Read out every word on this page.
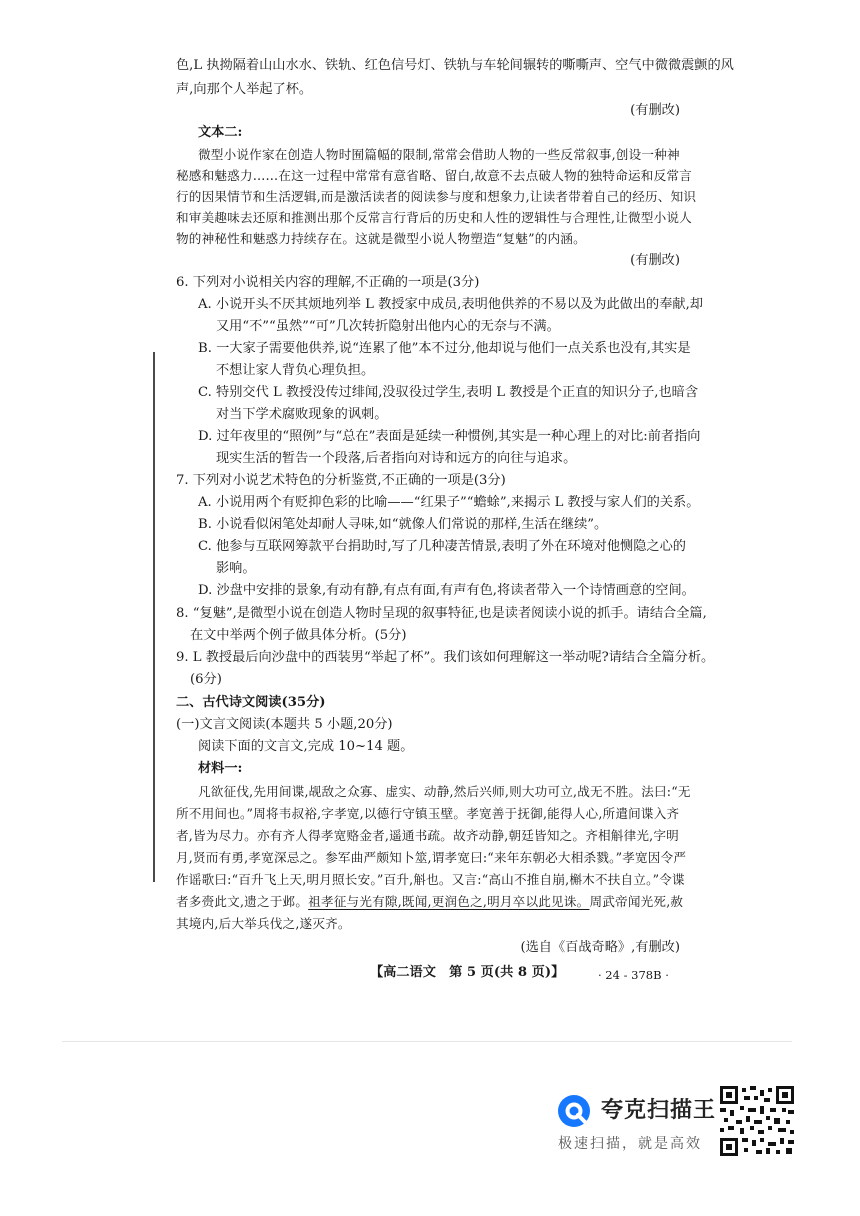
色,L 执拗隔着山山水水、铁轨、红色信号灯、铁轨与车轮间辗转的嘶嘶声、空气中微微震颤的风
声,向那个人举起了杯。
(有删改)
文本二:
微型小说作家在创造人物时囿篇幅的限制,常常会借助人物的一些反常叙事,创设一种神
秘感和魅惑力……在这一过程中常常有意省略、留白,故意不去点破人物的独特命运和反常言
行的因果情节和生活逻辑,而是激活读者的阅读参与度和想象力,让读者带着自己的经历、知识
和审美趣味去还原和推测出那个反常言行背后的历史和人性的逻辑性与合理性,让微型小说人
物的神秘性和魅惑力持续存在。这就是微型小说人物塑造“复魅”的内涵。
(有删改)
6. 下列对小说相关内容的理解,不正确的一项是(3分)
A. 小说开头不厌其烦地列举 L 教授家中成员,表明他供养的不易以及为此做出的奉献,却
又用“不”“虽然”“可”几次转折隐射出他内心的无奈与不满。
B. 一大家子需要他供养,说“连累了他”本不过分,他却说与他们一点关系也没有,其实是
不想让家人背负心理负担。
C. 特别交代 L 教授没传过绯闻,没驭役过学生,表明 L 教授是个正直的知识分子,也暗含
对当下学术腐败现象的讽刺。
D. 过年夜里的“照例”与“总在”表面是延续一种惯例,其实是一种心理上的对比:前者指向
现实生活的暂告一个段落,后者指向对诗和远方的向往与追求。
7. 下列对小说艺术特色的分析鉴赏,不正确的一项是(3分)
A. 小说用两个有贬抑色彩的比喻——“红果子”“蟾蜍”,来揭示 L 教授与家人们的关系。
B. 小说看似闲笔处却耐人寻味,如“就像人们常说的那样,生活在继续”。
C. 他参与互联网筹款平台捐助时,写了几种凄苦情景,表明了外在环境对他恻隐之心的
影响。
D. 沙盘中安排的景象,有动有静,有点有面,有声有色,将读者带入一个诗情画意的空间。
8. “复魅”,是微型小说在创造人物时呈现的叙事特征,也是读者阅读小说的抓手。请结合全篇,
在文中举两个例子做具体分析。(5分)
9. L 教授最后向沙盘中的西装男“举起了杯”。我们该如何理解这一举动呢?请结合全篇分析。
(6分)
二、古代诗文阅读(35分)
(一)文言文阅读(本题共 5 小题,20分)
阅读下面的文言文,完成 10~14 题。
材料一:
凡欲征伐,先用间谍,觇敌之众寡、虚实、动静,然后兴师,则大功可立,战无不胜。法曰:“无
所不用间也。”周将韦叔裕,字孝宽,以德行守镇玉壁。孝宽善于抚御,能得人心,所遣间谍入齐
者,皆为尽力。亦有齐人得孝宽赂金者,遥通书疏。故齐动静,朝廷皆知之。齐相斛律光,字明
月,贤而有勇,孝宽深忌之。参军曲严颇知卜筮,谓孝宽曰:“来年东朝必大相杀戮。”孝宽因令严
作谣歌曰:“百升飞上天,明月照长安。”百升,斛也。又言:“高山不推自崩,槲木不扶自立。”令谍
者多赍此文,遗之于邺。祖孝征与光有隙,既闻,更润色之,明月卒以此见诛。周武帝闻光死,赦
其境内,后大举兵伐之,遂灭齐。
(选自《百战奇略》,有删改)
【高二语文　第 5 页(共 8 页)】	· 24 - 378B ·
夸克扫描王
极速扫描，就是高效
